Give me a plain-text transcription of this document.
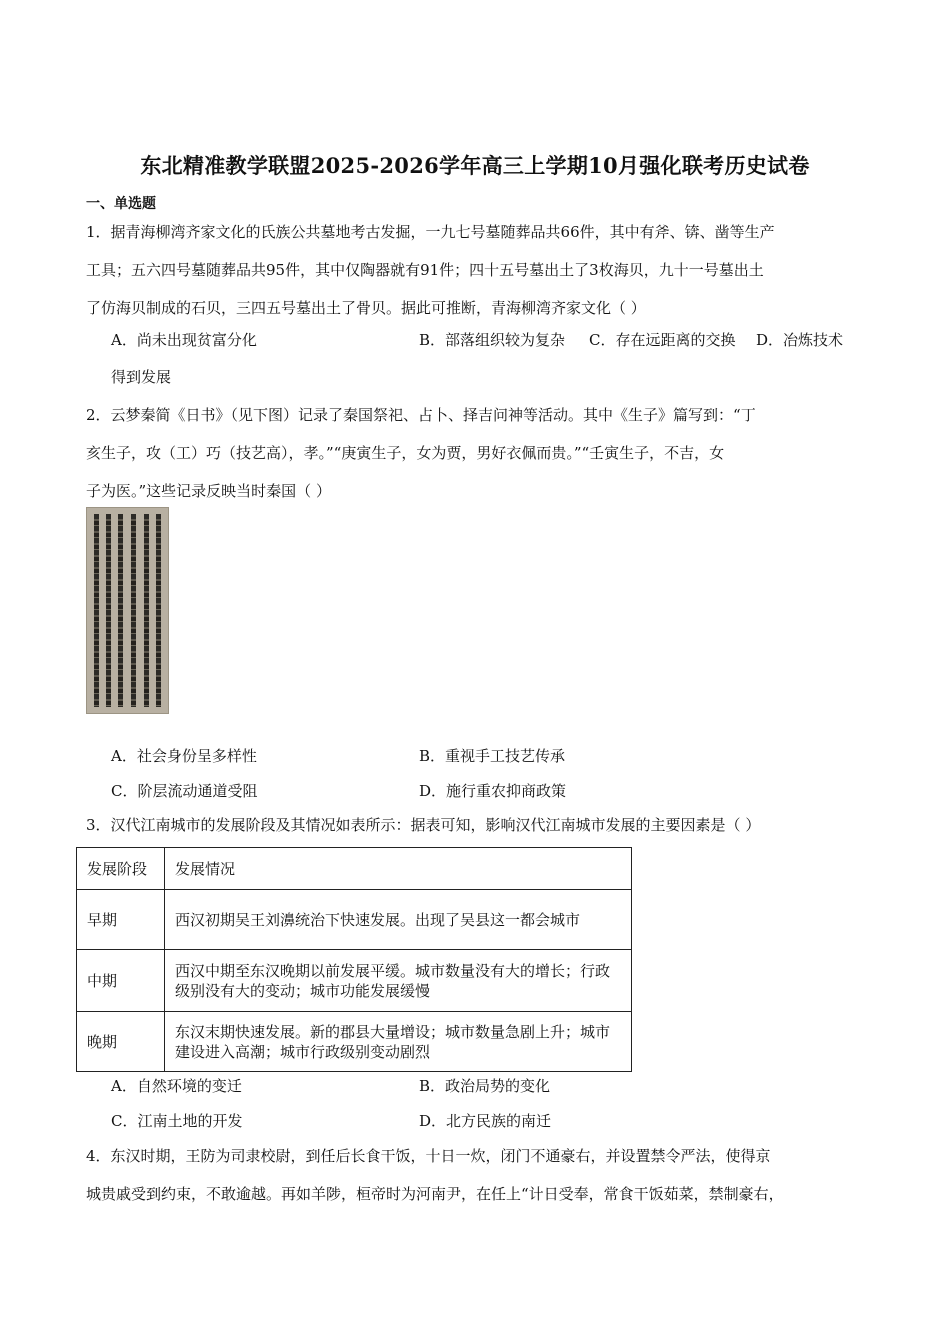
东北精准教学联盟2025-2026学年高三上学期10月强化联考历史试卷
一、单选题
1．据青海柳湾齐家文化的氏族公共墓地考古发掘，一九七号墓随葬品共66件，其中有斧、锛、凿等生产
工具；五六四号墓随葬品共95件，其中仅陶器就有91件；四十五号墓出土了3枚海贝，九十一号墓出土
了仿海贝制成的石贝，三四五号墓出土了骨贝。据此可推断，青海柳湾齐家文化（ ）
A．尚未出现贫富分化	B．部落组织较为复杂 C．存在远距离的交换 D．冶炼技术
得到发展
2．云梦秦简《日书》（见下图）记录了秦国祭祀、占卜、择吉问神等活动。其中《生子》篇写到：“丁
亥生子，攻（工）巧（技艺高），孝。”“庚寅生子，女为贾，男好衣佩而贵。”“壬寅生子，不吉，女
子为医。”这些记录反映当时秦国（ ）
A．社会身份呈多样性	B．重视手工技艺传承
C．阶层流动通道受阻	D．施行重农抑商政策
3．汉代江南城市的发展阶段及其情况如表所示：据表可知，影响汉代江南城市发展的主要因素是（ ）
发展阶段	发展情况
早期	西汉初期吴王刘濞统治下快速发展。出现了吴县这一都会城市
中期	西汉中期至东汉晚期以前发展平缓。城市数量没有大的增长；行政级别没有大的变动；城市功能发展缓慢
晚期	东汉末期快速发展。新的郡县大量增设；城市数量急剧上升；城市建设进入高潮；城市行政级别变动剧烈
A．自然环境的变迁	B．政治局势的变化
C．江南土地的开发	D．北方民族的南迁
4．东汉时期，王防为司隶校尉，到任后长食干饭，十日一炊，闭门不通豪右，并设置禁令严法，使得京
城贵戚受到约束，不敢逾越。再如羊陟，桓帝时为河南尹，在任上“计日受奉，常食干饭茹菜，禁制豪右，
